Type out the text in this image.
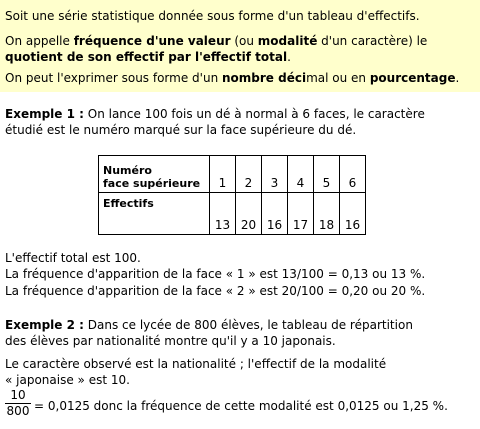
Soit une série statistique donnée sous forme d'un tableau d'effectifs.
On appelle fréquence d'une valeur (ou modalité d'un caractère) le
quotient de son effectif par l'effectif total.
On peut l'exprimer sous forme d'un nombre décimal ou en pourcentage.
Exemple 1 : On lance 100 fois un dé à normal à 6 faces, le caractère
étudié est le numéro marqué sur la face supérieure du dé.
Numéro
face supérieure	1	2	3	4	5	6
Effectifs	13	20	16	17	18	16
L'effectif total est 100.
La fréquence d'apparition de la face « 1 » est 13/100 = 0,13 ou 13 %.
La fréquence d'apparition de la face « 2 » est 20/100 = 0,20 ou 20 %.
Exemple 2 : Dans ce lycée de 800 élèves, le tableau de répartition
des élèves par nationalité montre qu'il y a 10 japonais.
Le caractère observé est la nationalité ; l'effectif de la modalité
« japonaise » est 10.
10
800 = 0,0125 donc la fréquence de cette modalité est 0,0125 ou 1,25 %.
